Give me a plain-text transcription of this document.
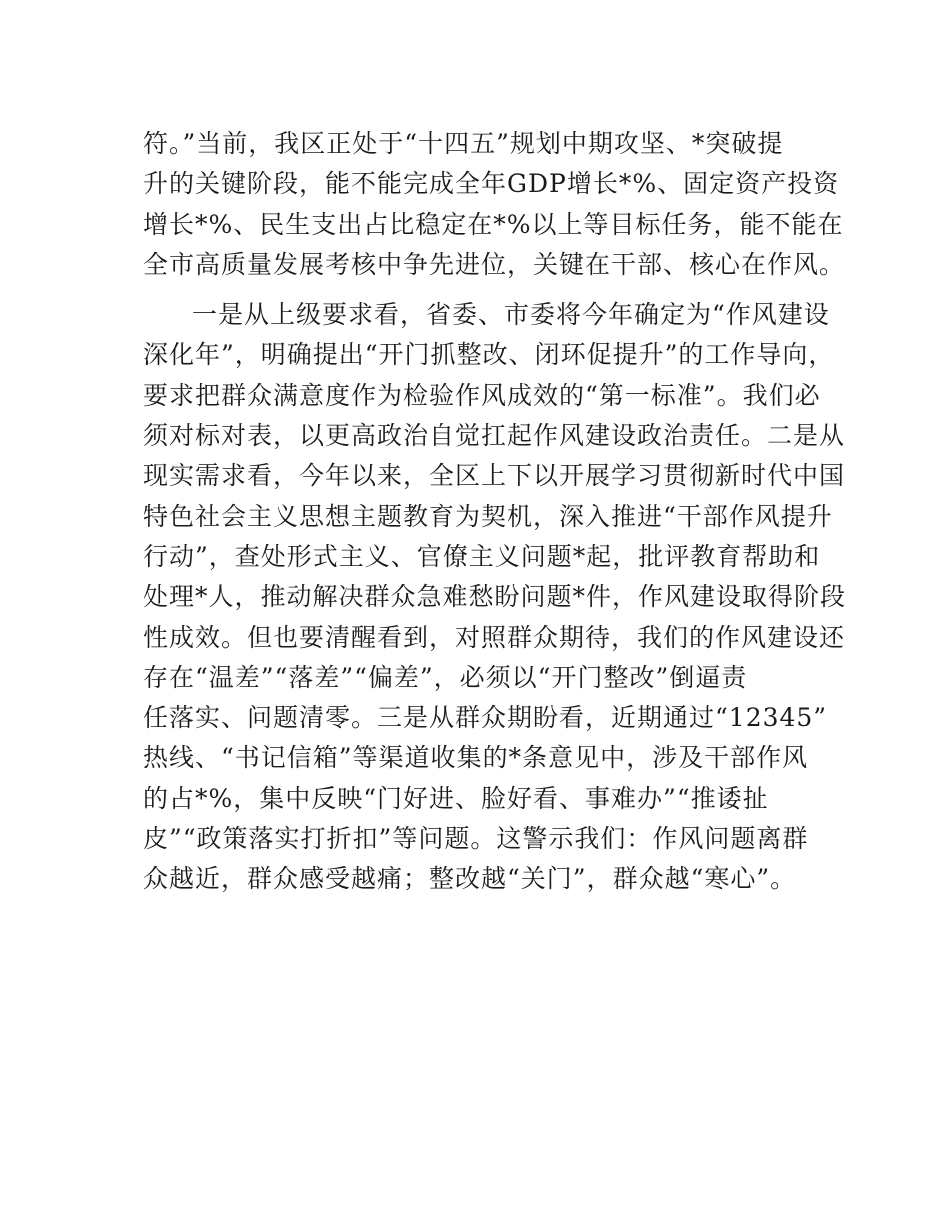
符。”当前，我区正处于“十四五”规划中期攻坚、*突破提
升的关键阶段，能不能完成全年GDP增长*%、固定资产投资
增长*%、民生支出占比稳定在*%以上等目标任务，能不能在
全市高质量发展考核中争先进位，关键在干部、核心在作风。
一是从上级要求看，省委、市委将今年确定为“作风建设
深化年”，明确提出“开门抓整改、闭环促提升”的工作导向，
要求把群众满意度作为检验作风成效的“第一标准”。我们必
须对标对表，以更高政治自觉扛起作风建设政治责任。二是从
现实需求看，今年以来，全区上下以开展学习贯彻新时代中国
特色社会主义思想主题教育为契机，深入推进“干部作风提升
行动”，查处形式主义、官僚主义问题*起，批评教育帮助和
处理*人，推动解决群众急难愁盼问题*件，作风建设取得阶段
性成效。但也要清醒看到，对照群众期待，我们的作风建设还
存在“温差”“落差”“偏差”，必须以“开门整改”倒逼责
任落实、问题清零。三是从群众期盼看，近期通过“12345”
热线、“书记信箱”等渠道收集的*条意见中，涉及干部作风
的占*%，集中反映“门好进、脸好看、事难办”“推诿扯
皮”“政策落实打折扣”等问题。这警示我们：作风问题离群
众越近，群众感受越痛；整改越“关门”，群众越“寒心”。
